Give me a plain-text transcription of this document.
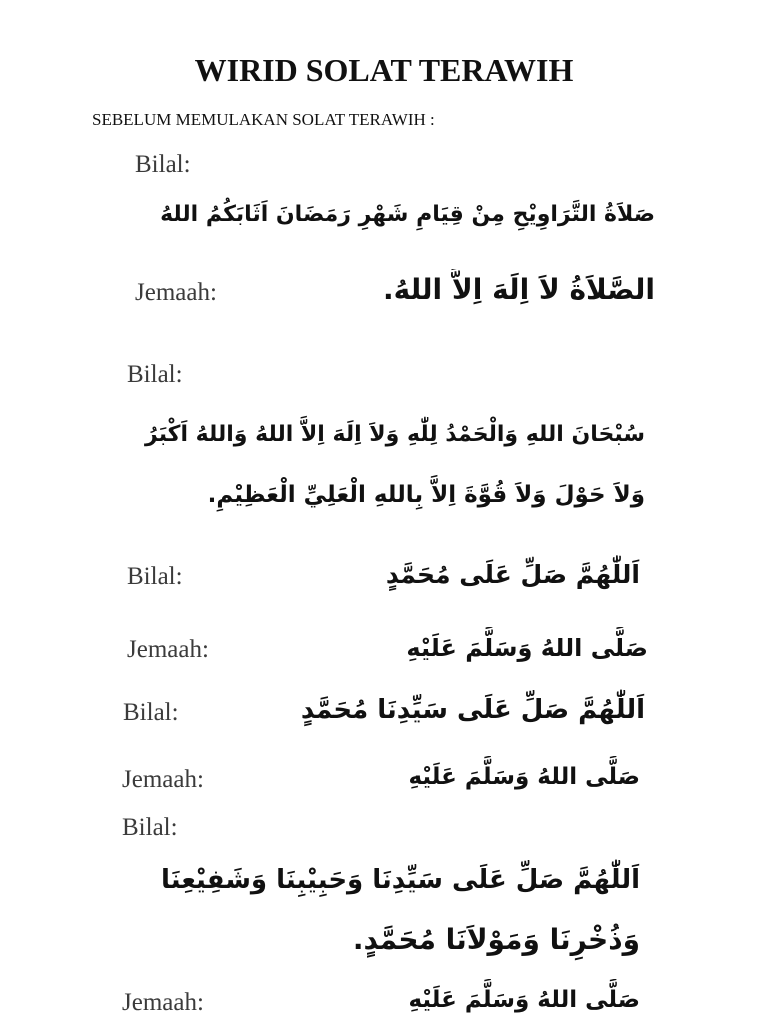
WIRID SOLAT TERAWIH
SEBELUM MEMULAKAN SOLAT TERAWIH :
Bilal:
صَلاَةُ التَّرَاوِيْحِ مِنْ قِيَامِ شَهْرِ رَمَضَانَ اَثَابَكُمُ اللهُ
Jemaah:	الصَّلاَةُ لاَ اِلَهَ اِلاَّ اللهُ.
Bilal:
سُبْحَانَ اللهِ وَالْحَمْدُ لِلّٰهِ وَلاَ اِلَهَ اِلاَّ اللهُ وَاللهُ اَكْبَرُ
وَلاَ حَوْلَ وَلاَ قُوَّةَ اِلاَّ بِاللهِ الْعَلِيِّ الْعَظِيْمِ.
Bilal:	اَللّٰهُمَّ صَلِّ عَلَى مُحَمَّدٍ
Jemaah:	صَلَّى اللهُ وَسَلَّمَ عَلَيْهِ
Bilal:	اَللّٰهُمَّ صَلِّ عَلَى سَيِّدِنَا مُحَمَّدٍ
Jemaah:	صَلَّى اللهُ وَسَلَّمَ عَلَيْهِ
Bilal:
اَللّٰهُمَّ صَلِّ عَلَى سَيِّدِنَا وَحَبِيْبِنَا وَشَفِيْعِنَا
وَذُخْرِنَا وَمَوْلاَنَا مُحَمَّدٍ.
Jemaah:	صَلَّى اللهُ وَسَلَّمَ عَلَيْهِ
